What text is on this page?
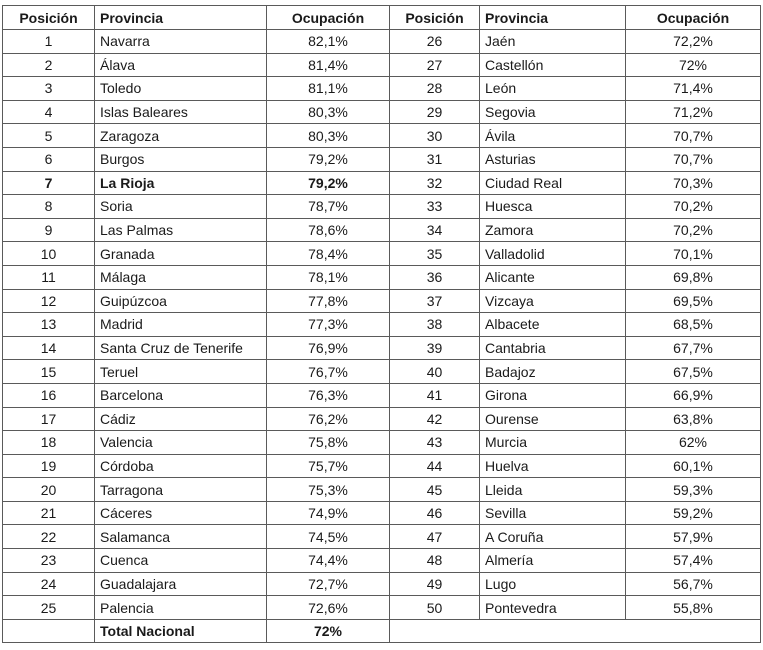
Posición	Provincia	Ocupación	Posición	Provincia	Ocupación
1	Navarra	82,1%	26	Jaén	72,2%
2	Álava	81,4%	27	Castellón	72%
3	Toledo	81,1%	28	León	71,4%
4	Islas Baleares	80,3%	29	Segovia	71,2%
5	Zaragoza	80,3%	30	Ávila	70,7%
6	Burgos	79,2%	31	Asturias	70,7%
7	La Rioja	79,2%	32	Ciudad Real	70,3%
8	Soria	78,7%	33	Huesca	70,2%
9	Las Palmas	78,6%	34	Zamora	70,2%
10	Granada	78,4%	35	Valladolid	70,1%
11	Málaga	78,1%	36	Alicante	69,8%
12	Guipúzcoa	77,8%	37	Vizcaya	69,5%
13	Madrid	77,3%	38	Albacete	68,5%
14	Santa Cruz de Tenerife	76,9%	39	Cantabria	67,7%
15	Teruel	76,7%	40	Badajoz	67,5%
16	Barcelona	76,3%	41	Girona	66,9%
17	Cádiz	76,2%	42	Ourense	63,8%
18	Valencia	75,8%	43	Murcia	62%
19	Córdoba	75,7%	44	Huelva	60,1%
20	Tarragona	75,3%	45	Lleida	59,3%
21	Cáceres	74,9%	46	Sevilla	59,2%
22	Salamanca	74,5%	47	A Coruña	57,9%
23	Cuenca	74,4%	48	Almería	57,4%
24	Guadalajara	72,7%	49	Lugo	56,7%
25	Palencia	72,6%	50	Pontevedra	55,8%
	Total Nacional	72%			
